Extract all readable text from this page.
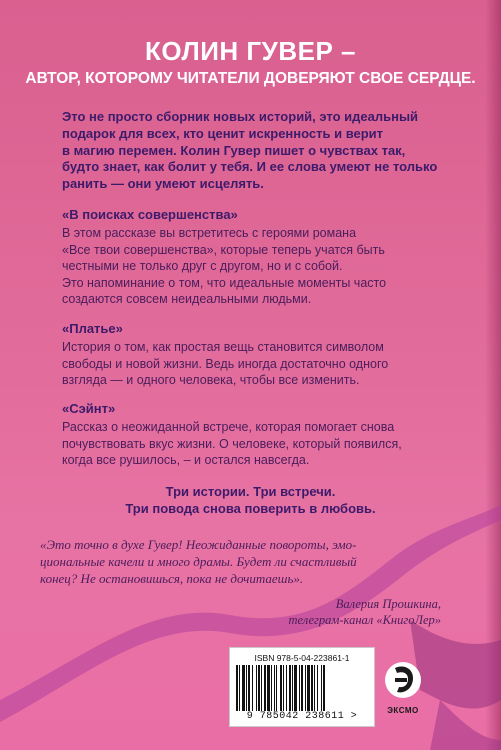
КОЛИН ГУВЕР –
АВТОР, КОТОРОМУ ЧИТАТЕЛИ ДОВЕРЯЮТ СВОЕ СЕРДЦЕ.
Это не просто сборник новых историй, это идеальный
подарок для всех, кто ценит искренность и верит
в магию перемен. Колин Гувер пишет о чувствах так,
будто знает, как болит у тебя. И ее слова умеют не только
ранить — они умеют исцелять.
«В поисках совершенства»
В этом рассказе вы встретитесь с героями романа
«Все твои совершенства», которые теперь учатся быть
честными не только друг с другом, но и с собой.
Это напоминание о том, что идеальные моменты часто
создаются совсем неидеальными людьми.
«Платье»
История о том, как простая вещь становится символом
свободы и новой жизни. Ведь иногда достаточно одного
взгляда — и одного человека, чтобы все изменить.
«Сэйнт»
Рассказ о неожиданной встрече, которая помогает снова
почувствовать вкус жизни. О человеке, который появился,
когда все рушилось, – и остался навсегда.
Три истории. Три встречи.
Три повода снова поверить в любовь.
«Это точно в духе Гувер! Неожиданные повороты, эмо-
циональные качели и много драмы. Будет ли счастливый
конец? Не остановишься, пока не дочитаешь».
Валерия Прошкина,
телеграм-канал «КнигоЛер»
ISBN 978-5-04-223861-1
9 785042 238611 >
ЭКСМО
